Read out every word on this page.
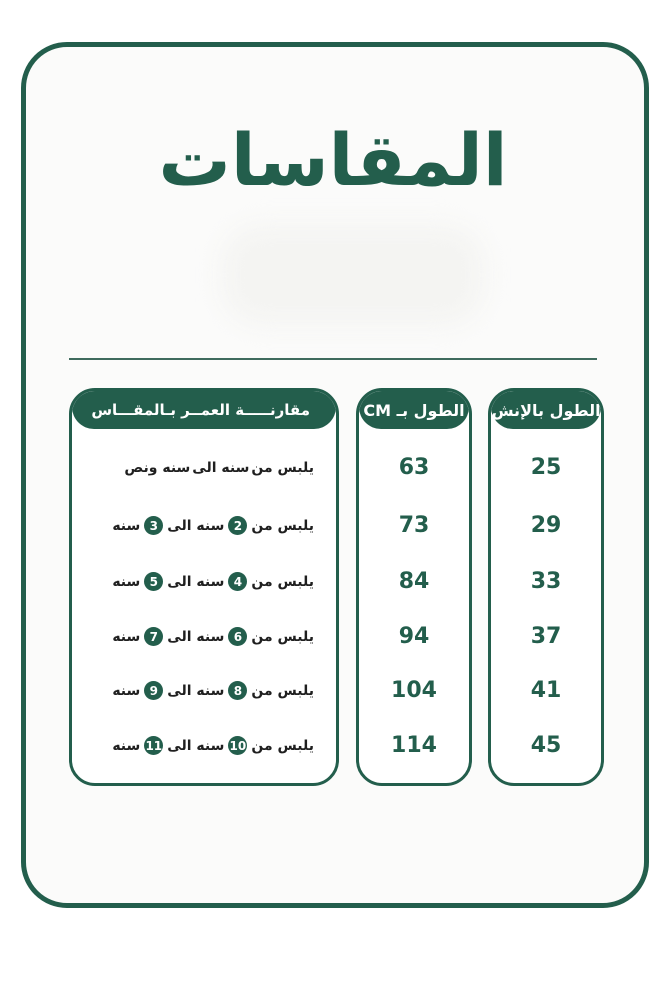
المقاسات
الطول بالإنش
25
29
33
37
41
45
الطول بـ CM
63
73
84
94
104
114
مقارنـــــة العمــر بـالمقـــاس
يلبس من
سنه الى
سنه ونص
يلبس من
2
سنه الى
3
سنه
يلبس من
4
سنه الى
5
سنه
يلبس من
6
سنه الى
7
سنه
يلبس من
8
سنه الى
9
سنه
يلبس من
10
سنه الى
11
سنه
